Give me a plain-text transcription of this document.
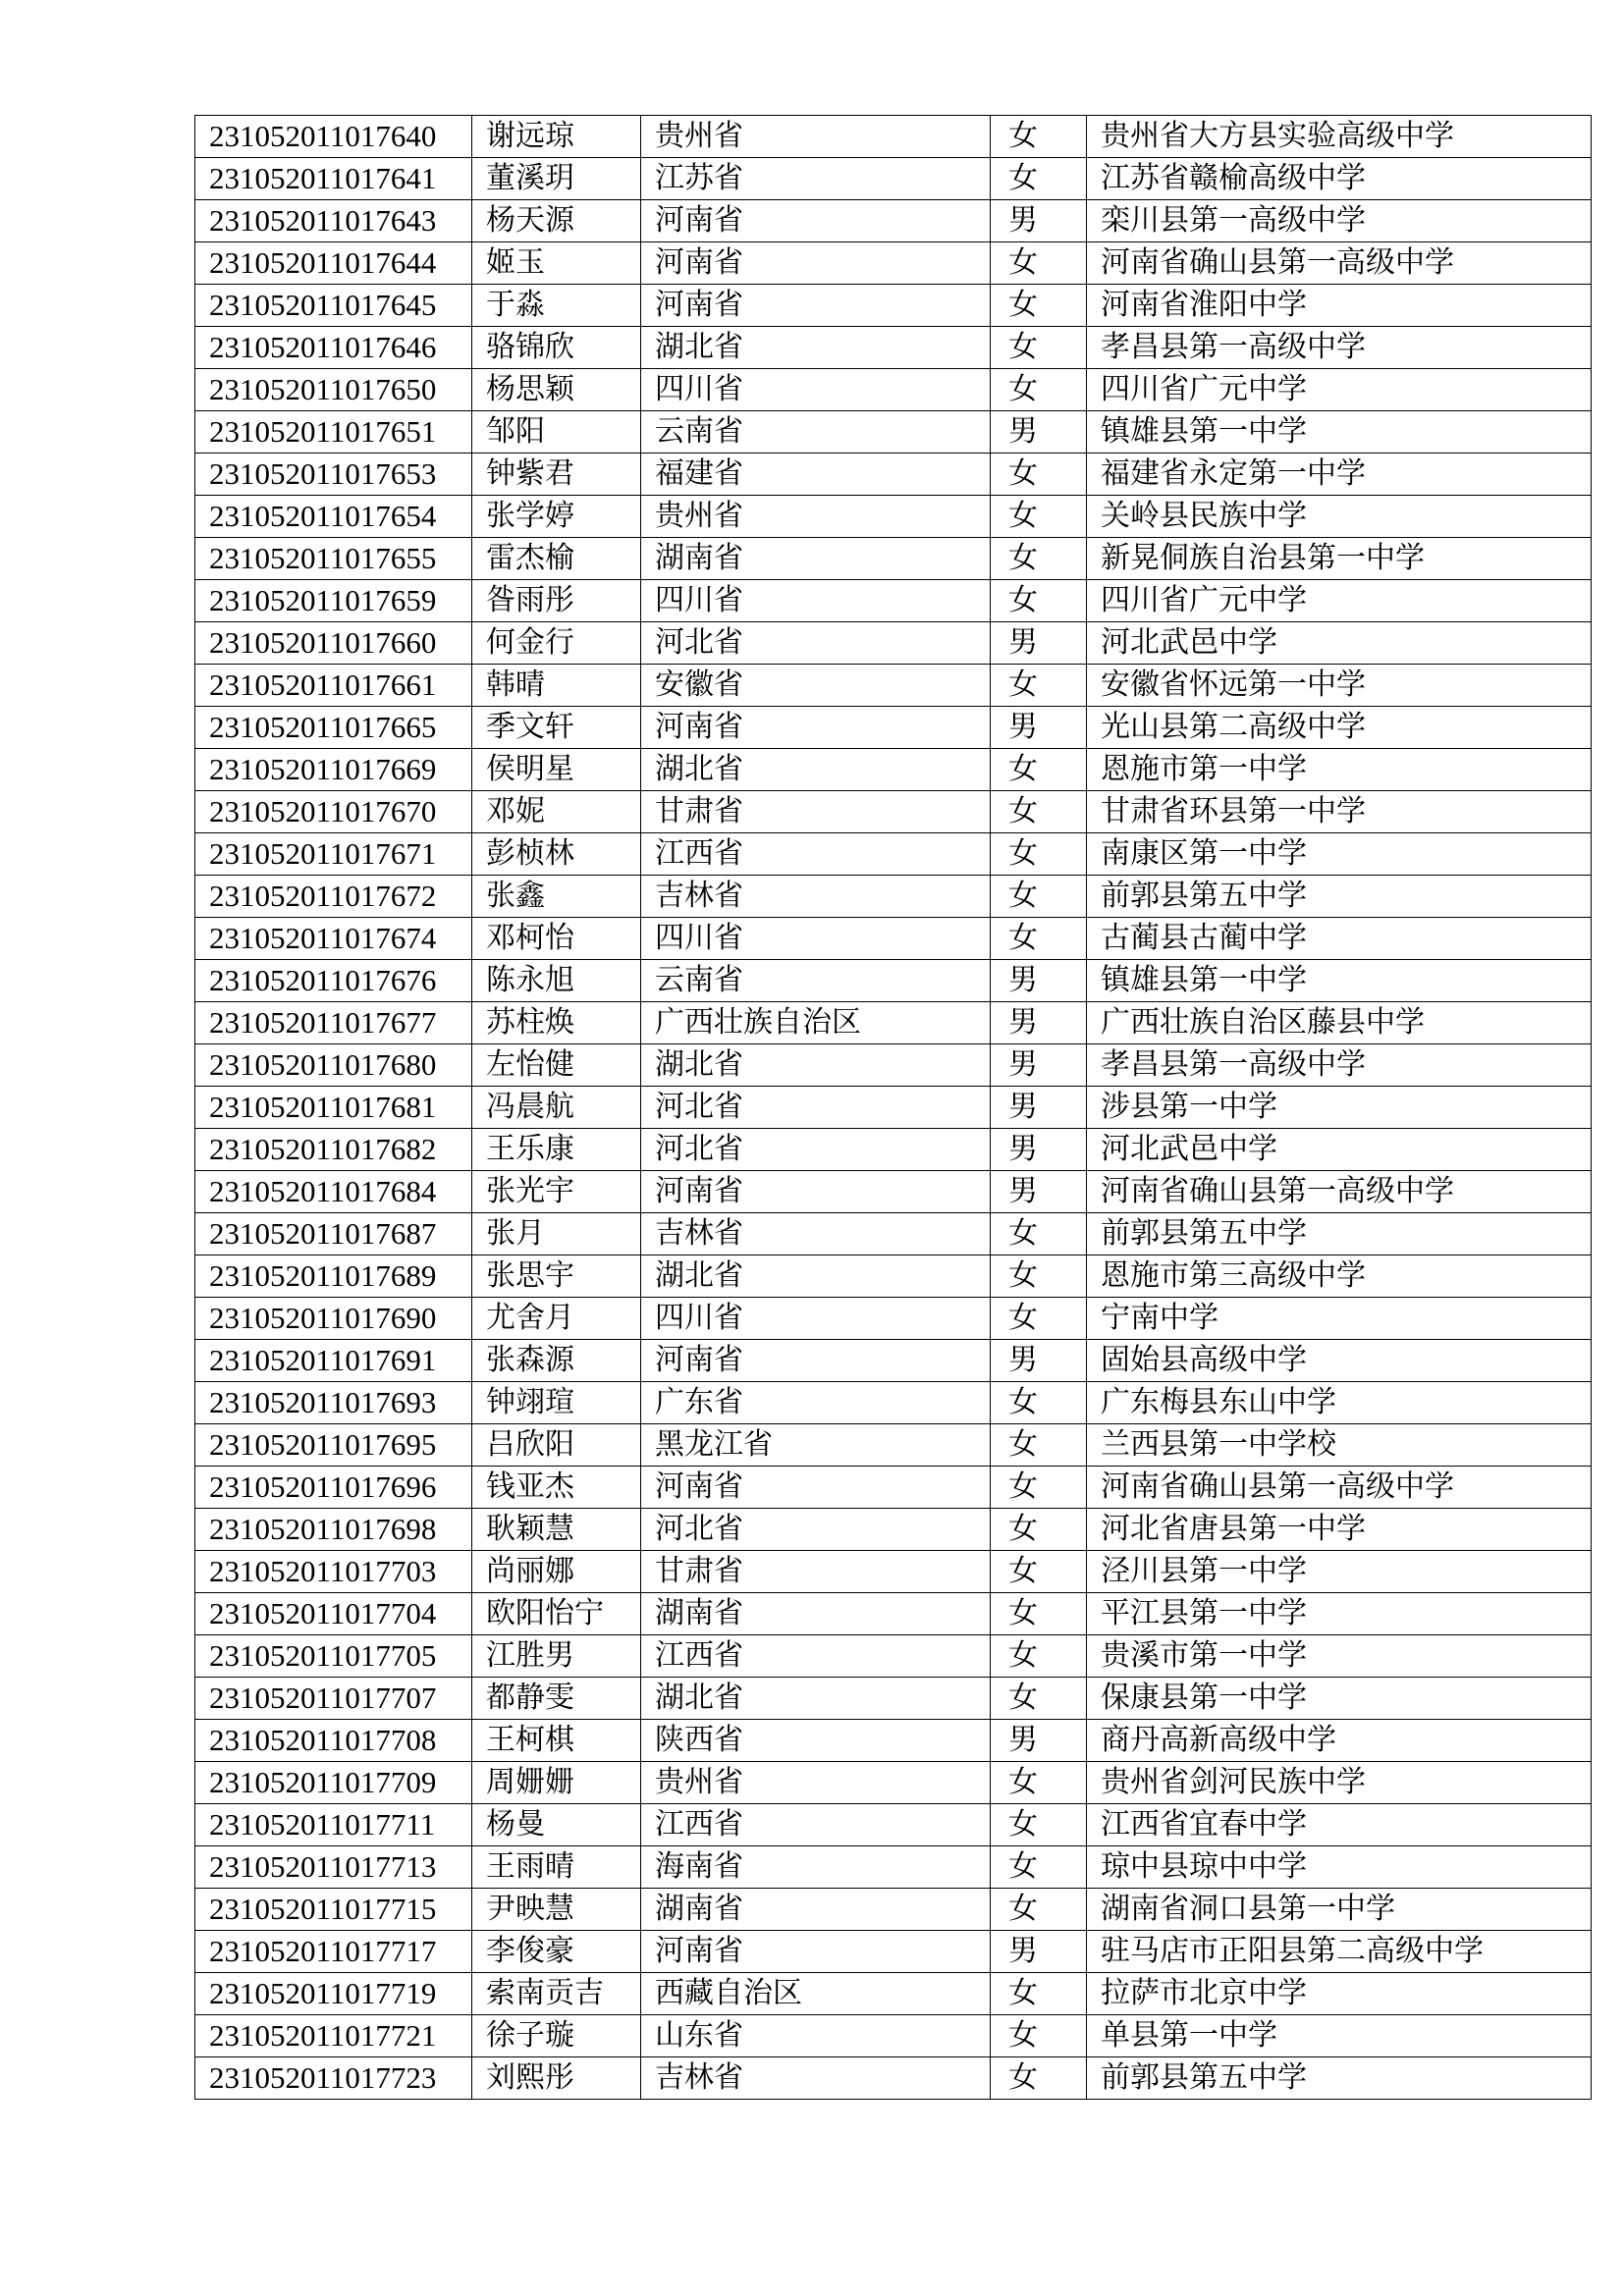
231052011017640	谢远琼	贵州省	女	贵州省大方县实验高级中学
231052011017641	董溪玥	江苏省	女	江苏省赣榆高级中学
231052011017643	杨天源	河南省	男	栾川县第一高级中学
231052011017644	姬玉	河南省	女	河南省确山县第一高级中学
231052011017645	于淼	河南省	女	河南省淮阳中学
231052011017646	骆锦欣	湖北省	女	孝昌县第一高级中学
231052011017650	杨思颖	四川省	女	四川省广元中学
231052011017651	邹阳	云南省	男	镇雄县第一中学
231052011017653	钟紫君	福建省	女	福建省永定第一中学
231052011017654	张学婷	贵州省	女	关岭县民族中学
231052011017655	雷杰榆	湖南省	女	新晃侗族自治县第一中学
231052011017659	昝雨彤	四川省	女	四川省广元中学
231052011017660	何金行	河北省	男	河北武邑中学
231052011017661	韩晴	安徽省	女	安徽省怀远第一中学
231052011017665	季文轩	河南省	男	光山县第二高级中学
231052011017669	侯明星	湖北省	女	恩施市第一中学
231052011017670	邓妮	甘肃省	女	甘肃省环县第一中学
231052011017671	彭桢林	江西省	女	南康区第一中学
231052011017672	张鑫	吉林省	女	前郭县第五中学
231052011017674	邓柯怡	四川省	女	古蔺县古蔺中学
231052011017676	陈永旭	云南省	男	镇雄县第一中学
231052011017677	苏柱焕	广西壮族自治区	男	广西壮族自治区藤县中学
231052011017680	左怡健	湖北省	男	孝昌县第一高级中学
231052011017681	冯晨航	河北省	男	涉县第一中学
231052011017682	王乐康	河北省	男	河北武邑中学
231052011017684	张光宇	河南省	男	河南省确山县第一高级中学
231052011017687	张月	吉林省	女	前郭县第五中学
231052011017689	张思宇	湖北省	女	恩施市第三高级中学
231052011017690	尤舍月	四川省	女	宁南中学
231052011017691	张森源	河南省	男	固始县高级中学
231052011017693	钟翊瑄	广东省	女	广东梅县东山中学
231052011017695	吕欣阳	黑龙江省	女	兰西县第一中学校
231052011017696	钱亚杰	河南省	女	河南省确山县第一高级中学
231052011017698	耿颖慧	河北省	女	河北省唐县第一中学
231052011017703	尚丽娜	甘肃省	女	泾川县第一中学
231052011017704	欧阳怡宁	湖南省	女	平江县第一中学
231052011017705	江胜男	江西省	女	贵溪市第一中学
231052011017707	都静雯	湖北省	女	保康县第一中学
231052011017708	王柯棋	陕西省	男	商丹高新高级中学
231052011017709	周姗姗	贵州省	女	贵州省剑河民族中学
231052011017711	杨曼	江西省	女	江西省宜春中学
231052011017713	王雨晴	海南省	女	琼中县琼中中学
231052011017715	尹映慧	湖南省	女	湖南省洞口县第一中学
231052011017717	李俊豪	河南省	男	驻马店市正阳县第二高级中学
231052011017719	索南贡吉	西藏自治区	女	拉萨市北京中学
231052011017721	徐子璇	山东省	女	单县第一中学
231052011017723	刘熙彤	吉林省	女	前郭县第五中学
